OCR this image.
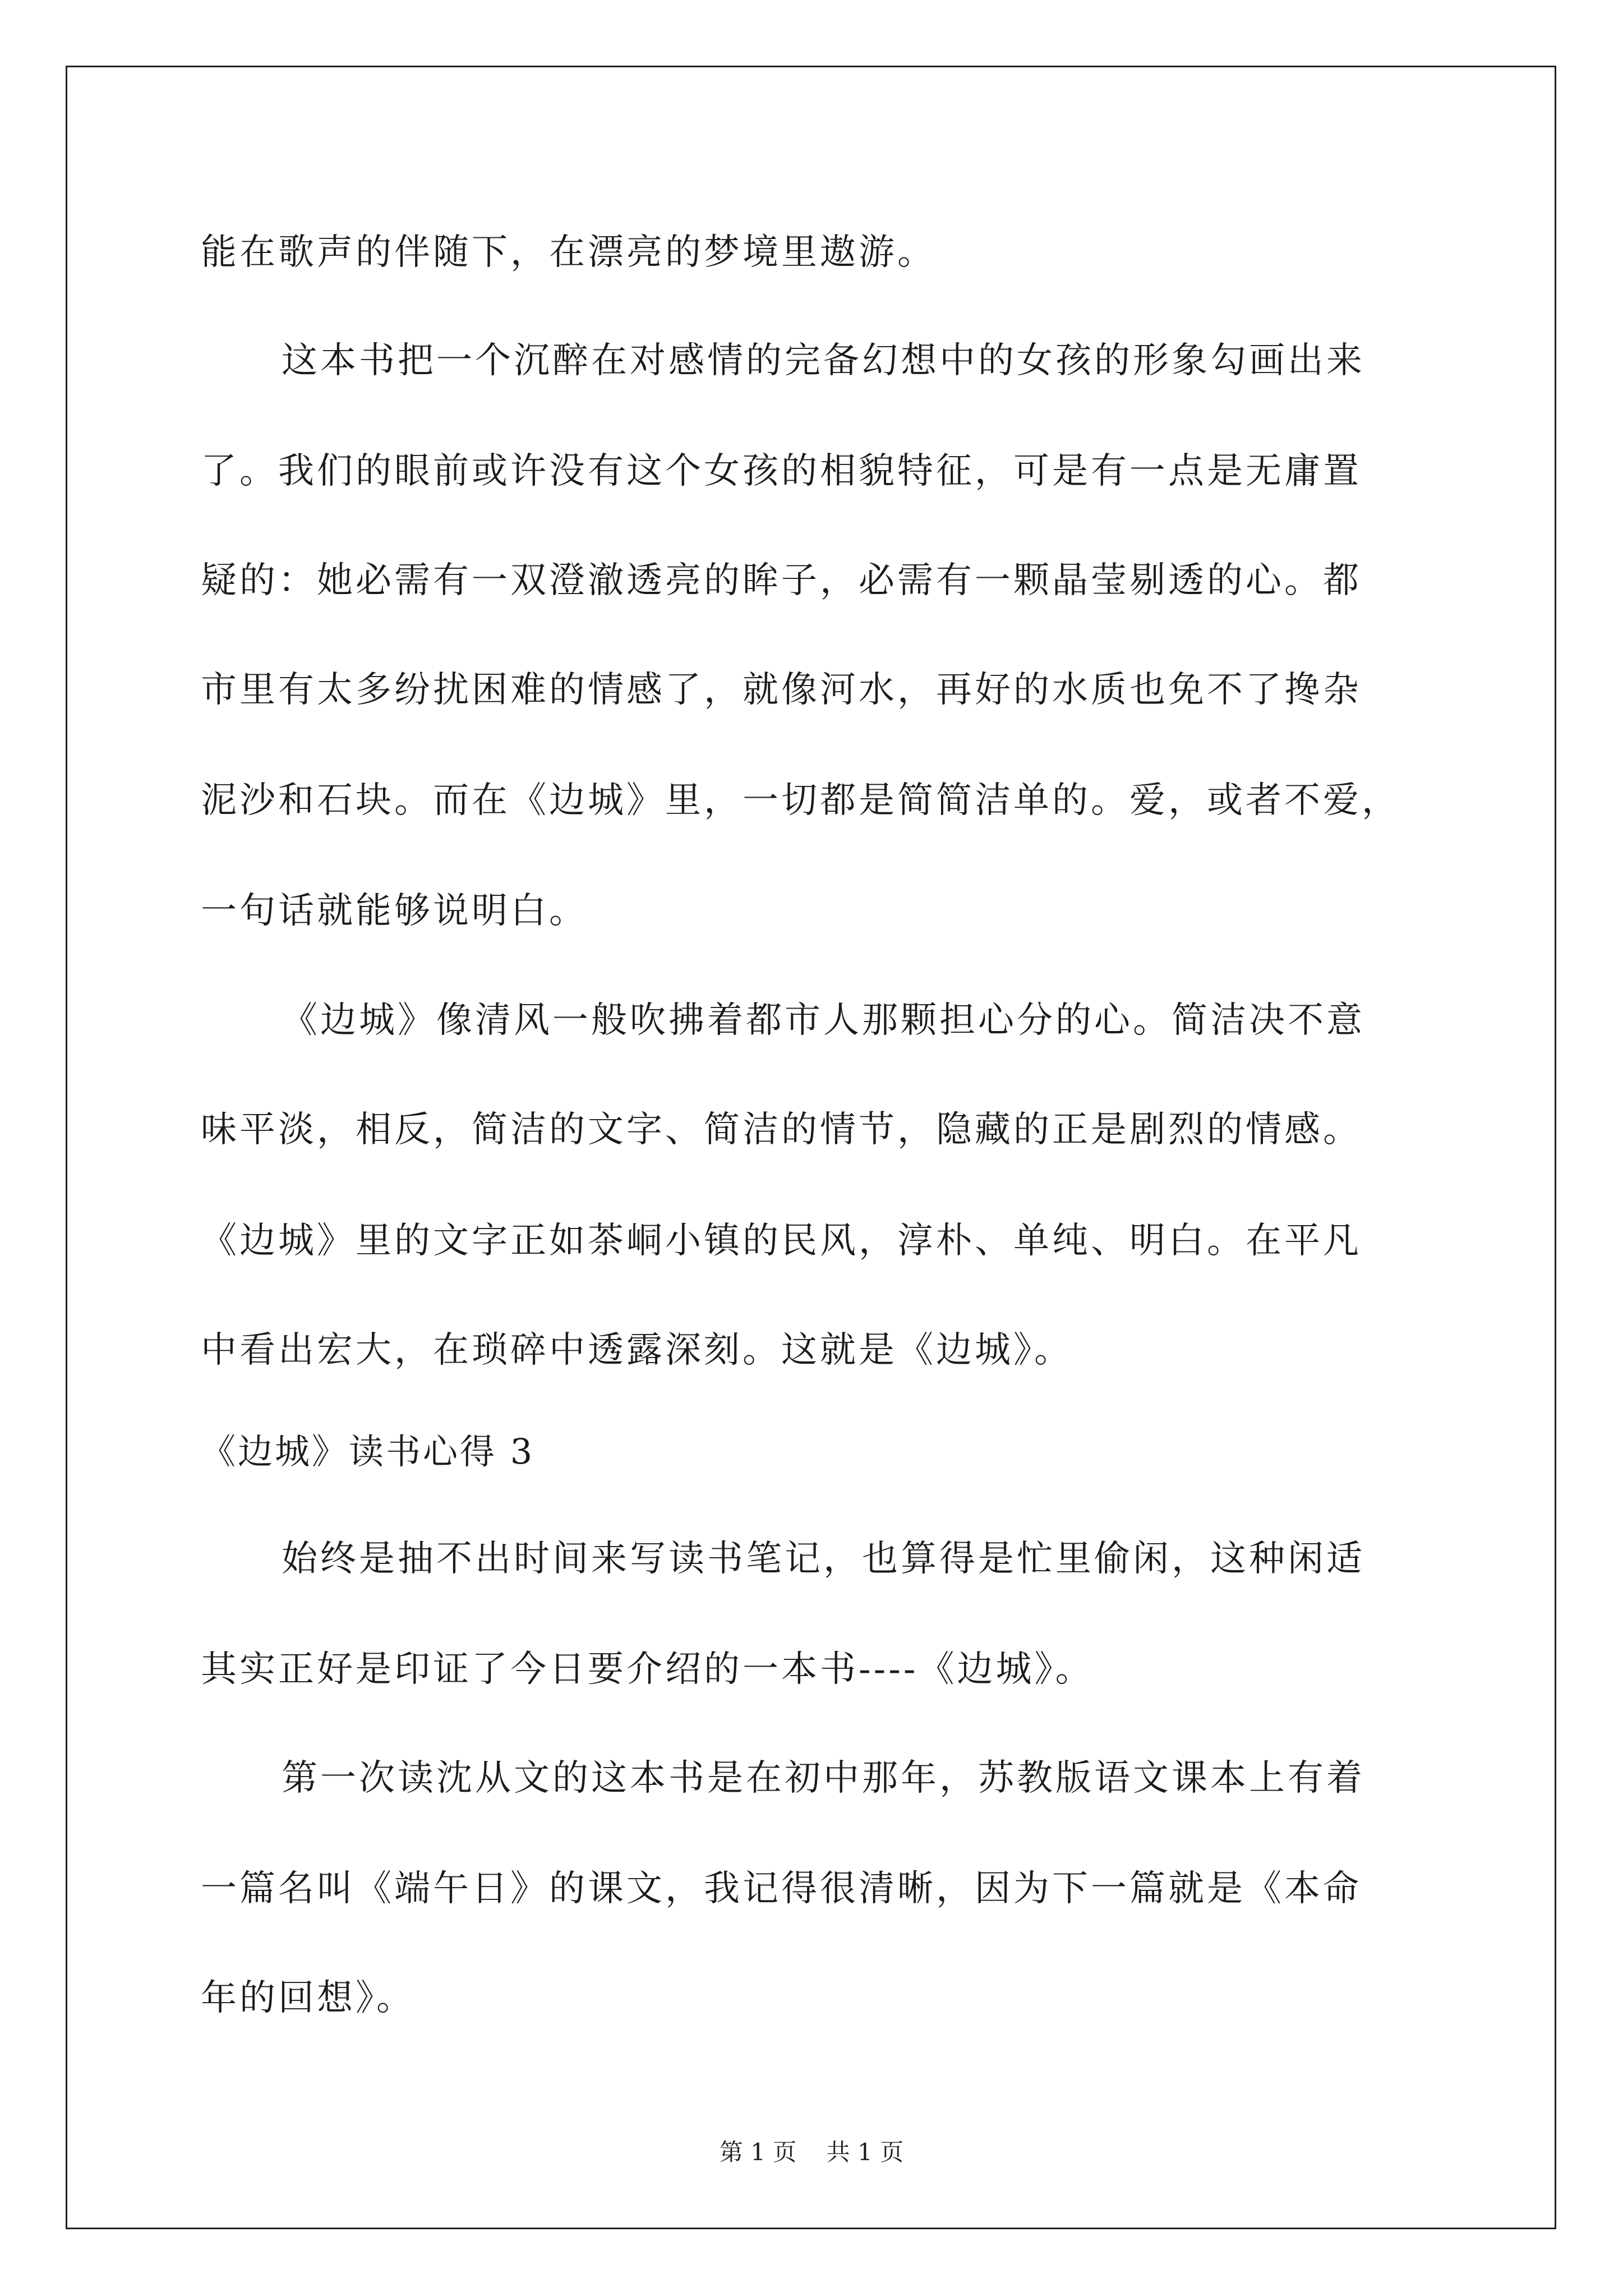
能在歌声的伴随下，在漂亮的梦境里遨游。
这本书把一个沉醉在对感情的完备幻想中的女孩的形象勾画出来
了。我们的眼前或许没有这个女孩的相貌特征，可是有一点是无庸置
疑的：她必需有一双澄澈透亮的眸子，必需有一颗晶莹剔透的心。都
市里有太多纷扰困难的情感了，就像河水，再好的水质也免不了搀杂
泥沙和石块。而在《边城》里，一切都是简简洁单的。爱，或者不爱，
一句话就能够说明白。
《边城》像清风一般吹拂着都市人那颗担心分的心。简洁决不意
味平淡，相反，简洁的文字、简洁的情节，隐藏的正是剧烈的情感。
《边城》里的文字正如茶峒小镇的民风，淳朴、单纯、明白。在平凡
中看出宏大，在琐碎中透露深刻。这就是《边城》。
《边城》读书心得 3
始终是抽不出时间来写读书笔记，也算得是忙里偷闲，这种闲适
其实正好是印证了今日要介绍的一本书----《边城》。
第一次读沈从文的这本书是在初中那年，苏教版语文课本上有着
一篇名叫《端午日》的课文，我记得很清晰，因为下一篇就是《本命
年的回想》。
第 1 页 共 1 页
